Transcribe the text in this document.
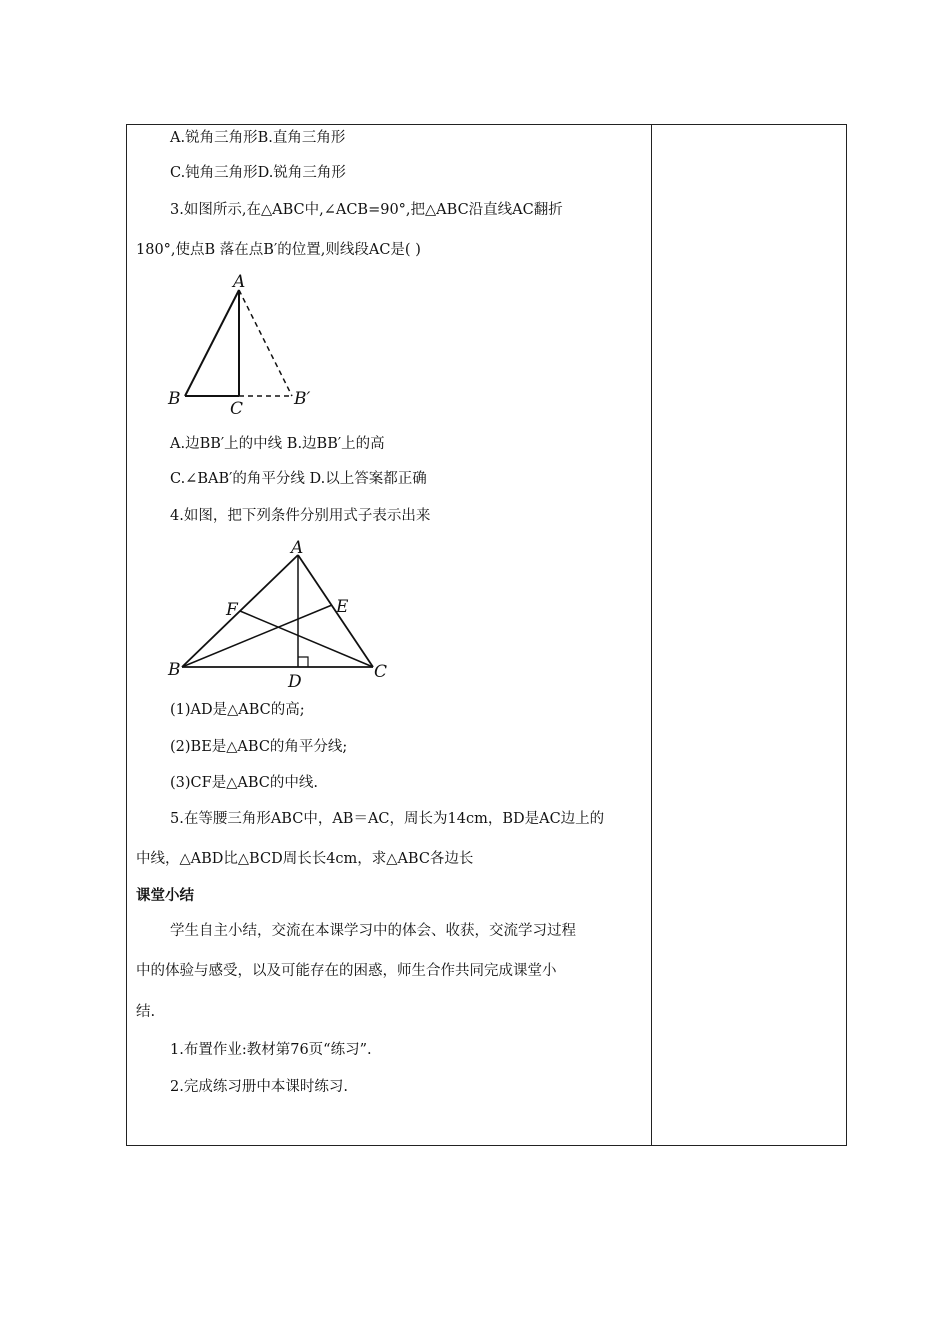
A.锐角三角形B.直角三角形
C.钝角三角形D.锐角三角形
3.如图所示,在△ABC中,∠ACB=90°,把△ABC沿直线AC翻折
180°,使点B 落在点B′的位置,则线段AC是( )
A
B	C	B′
A.边BB′上的中线 B.边BB′上的高
C.∠BAB′的角平分线 D.以上答案都正确
4.如图，把下列条件分别用式子表示出来
A
B	C
D
E
F
(1)AD是△ABC的高;
(2)BE是△ABC的角平分线;
(3)CF是△ABC的中线.
5.在等腰三角形ABC中，AB＝AC，周长为14cm，BD是AC边上的
中线，△ABD比△BCD周长长4cm，求△ABC各边长
课堂小结
学生自主小结，交流在本课学习中的体会、收获，交流学习过程
中的体验与感受，以及可能存在的困惑，师生合作共同完成课堂小
结.
1.布置作业:教材第76页“练习”.
2.完成练习册中本课时练习.
